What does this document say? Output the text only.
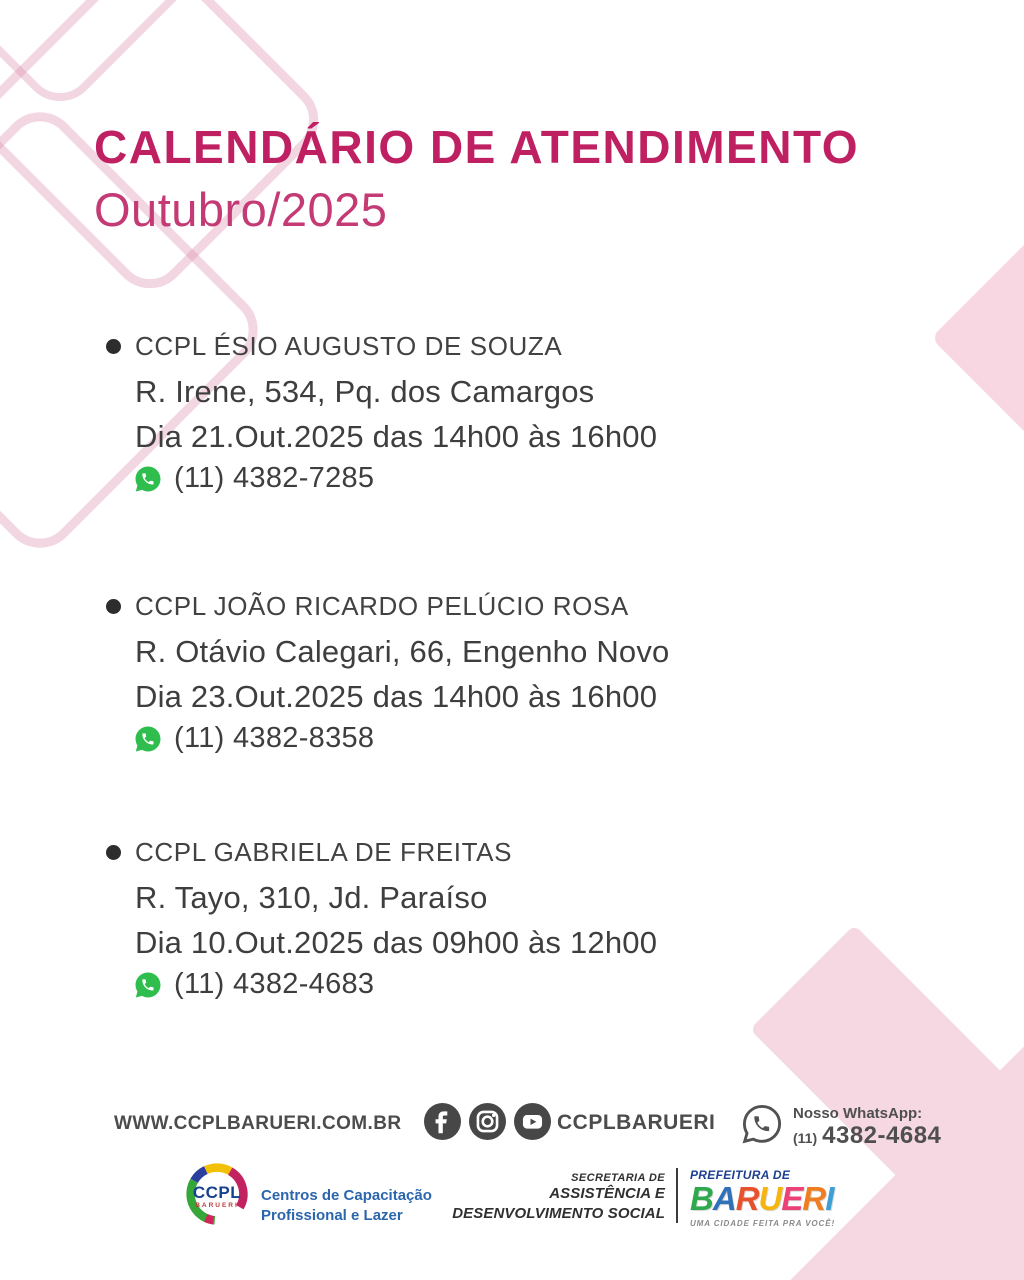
CALENDÁRIO DE ATENDIMENTO
Outubro/2025
CCPL ÉSIO AUGUSTO DE SOUZA
R. Irene, 534, Pq. dos Camargos
Dia 21.Out.2025 das 14h00 às 16h00
(11) 4382-7285
CCPL JOÃO RICARDO PELÚCIO ROSA
R. Otávio Calegari, 66, Engenho Novo
Dia 23.Out.2025 das 14h00 às 16h00
(11) 4382-8358
CCPL GABRIELA DE FREITAS
R. Tayo, 310, Jd. Paraíso
Dia 10.Out.2025 das 09h00 às 12h00
(11) 4382-4683
WWW.CCPLBARUERI.COM.BR	CCPLBARUERI	Nosso WhatsApp:
(11) 4382-4684
CCPL
BARUERI
Centros de Capacitação
Profissional e Lazer
SECRETARIA DE
ASSISTÊNCIA E
DESENVOLVIMENTO SOCIAL
PREFEITURA DE
BARUERI
UMA CIDADE FEITA PRA VOCÊ!
